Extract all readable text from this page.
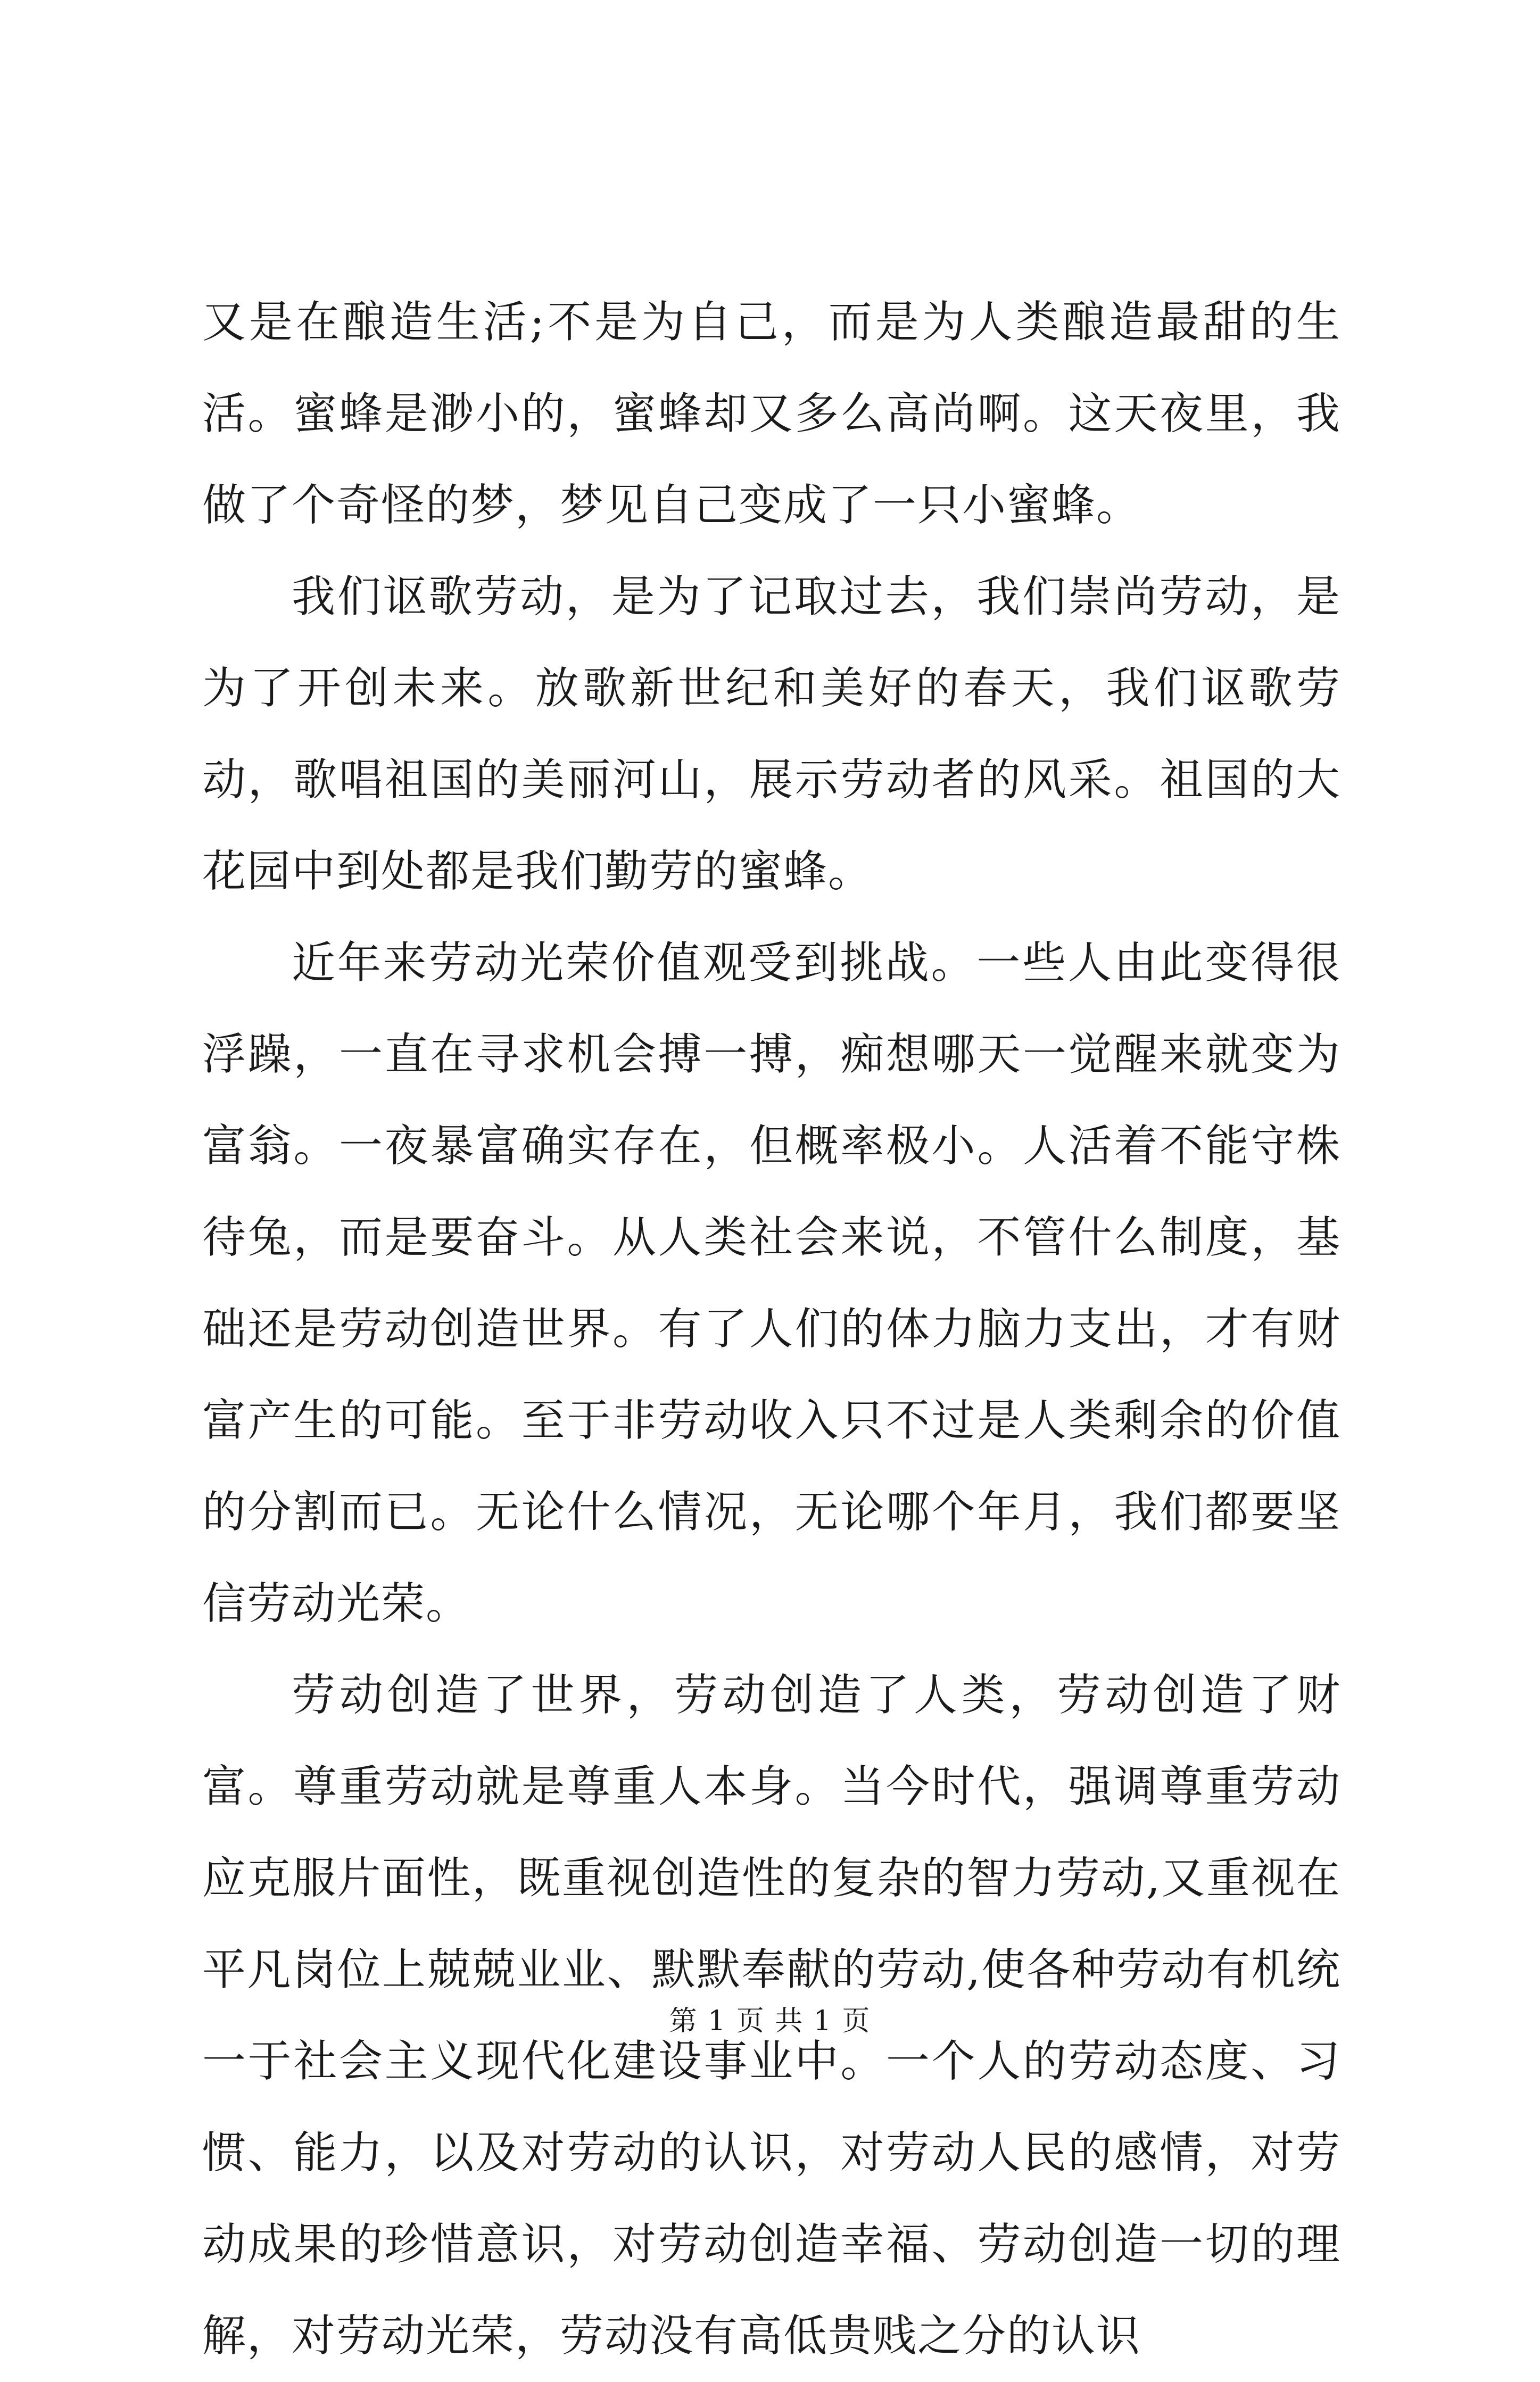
又是在酿造生活;不是为自己，而是为人类酿造最甜的生活。蜜蜂是渺小的，蜜蜂却又多么高尚啊。这天夜里，我做了个奇怪的梦，梦见自己变成了一只小蜜蜂。

我们讴歌劳动，是为了记取过去，我们崇尚劳动，是为了开创未来。放歌新世纪和美好的春天，我们讴歌劳动，歌唱祖国的美丽河山，展示劳动者的风采。祖国的大花园中到处都是我们勤劳的蜜蜂。

近年来劳动光荣价值观受到挑战。一些人由此变得很浮躁，一直在寻求机会搏一搏，痴想哪天一觉醒来就变为富翁。一夜暴富确实存在，但概率极小。人活着不能守株待兔，而是要奋斗。从人类社会来说，不管什么制度，基础还是劳动创造世界。有了人们的体力脑力支出，才有财富产生的可能。至于非劳动收入只不过是人类剩余的价值的分割而已。无论什么情况，无论哪个年月，我们都要坚信劳动光荣。

劳动创造了世界，劳动创造了人类，劳动创造了财富。尊重劳动就是尊重人本身。当今时代，强调尊重劳动应克服片面性，既重视创造性的复杂的智力劳动,又重视在平凡岗位上兢兢业业、默默奉献的劳动,使各种劳动有机统一于社会主义现代化建设事业中。一个人的劳动态度、习惯、能力，以及对劳动的认识，对劳动人民的感情，对劳动成果的珍惜意识，对劳动创造幸福、劳动创造一切的理解，对劳动光荣，劳动没有高低贵贱之分的认识

第 1 页 共 1 页
